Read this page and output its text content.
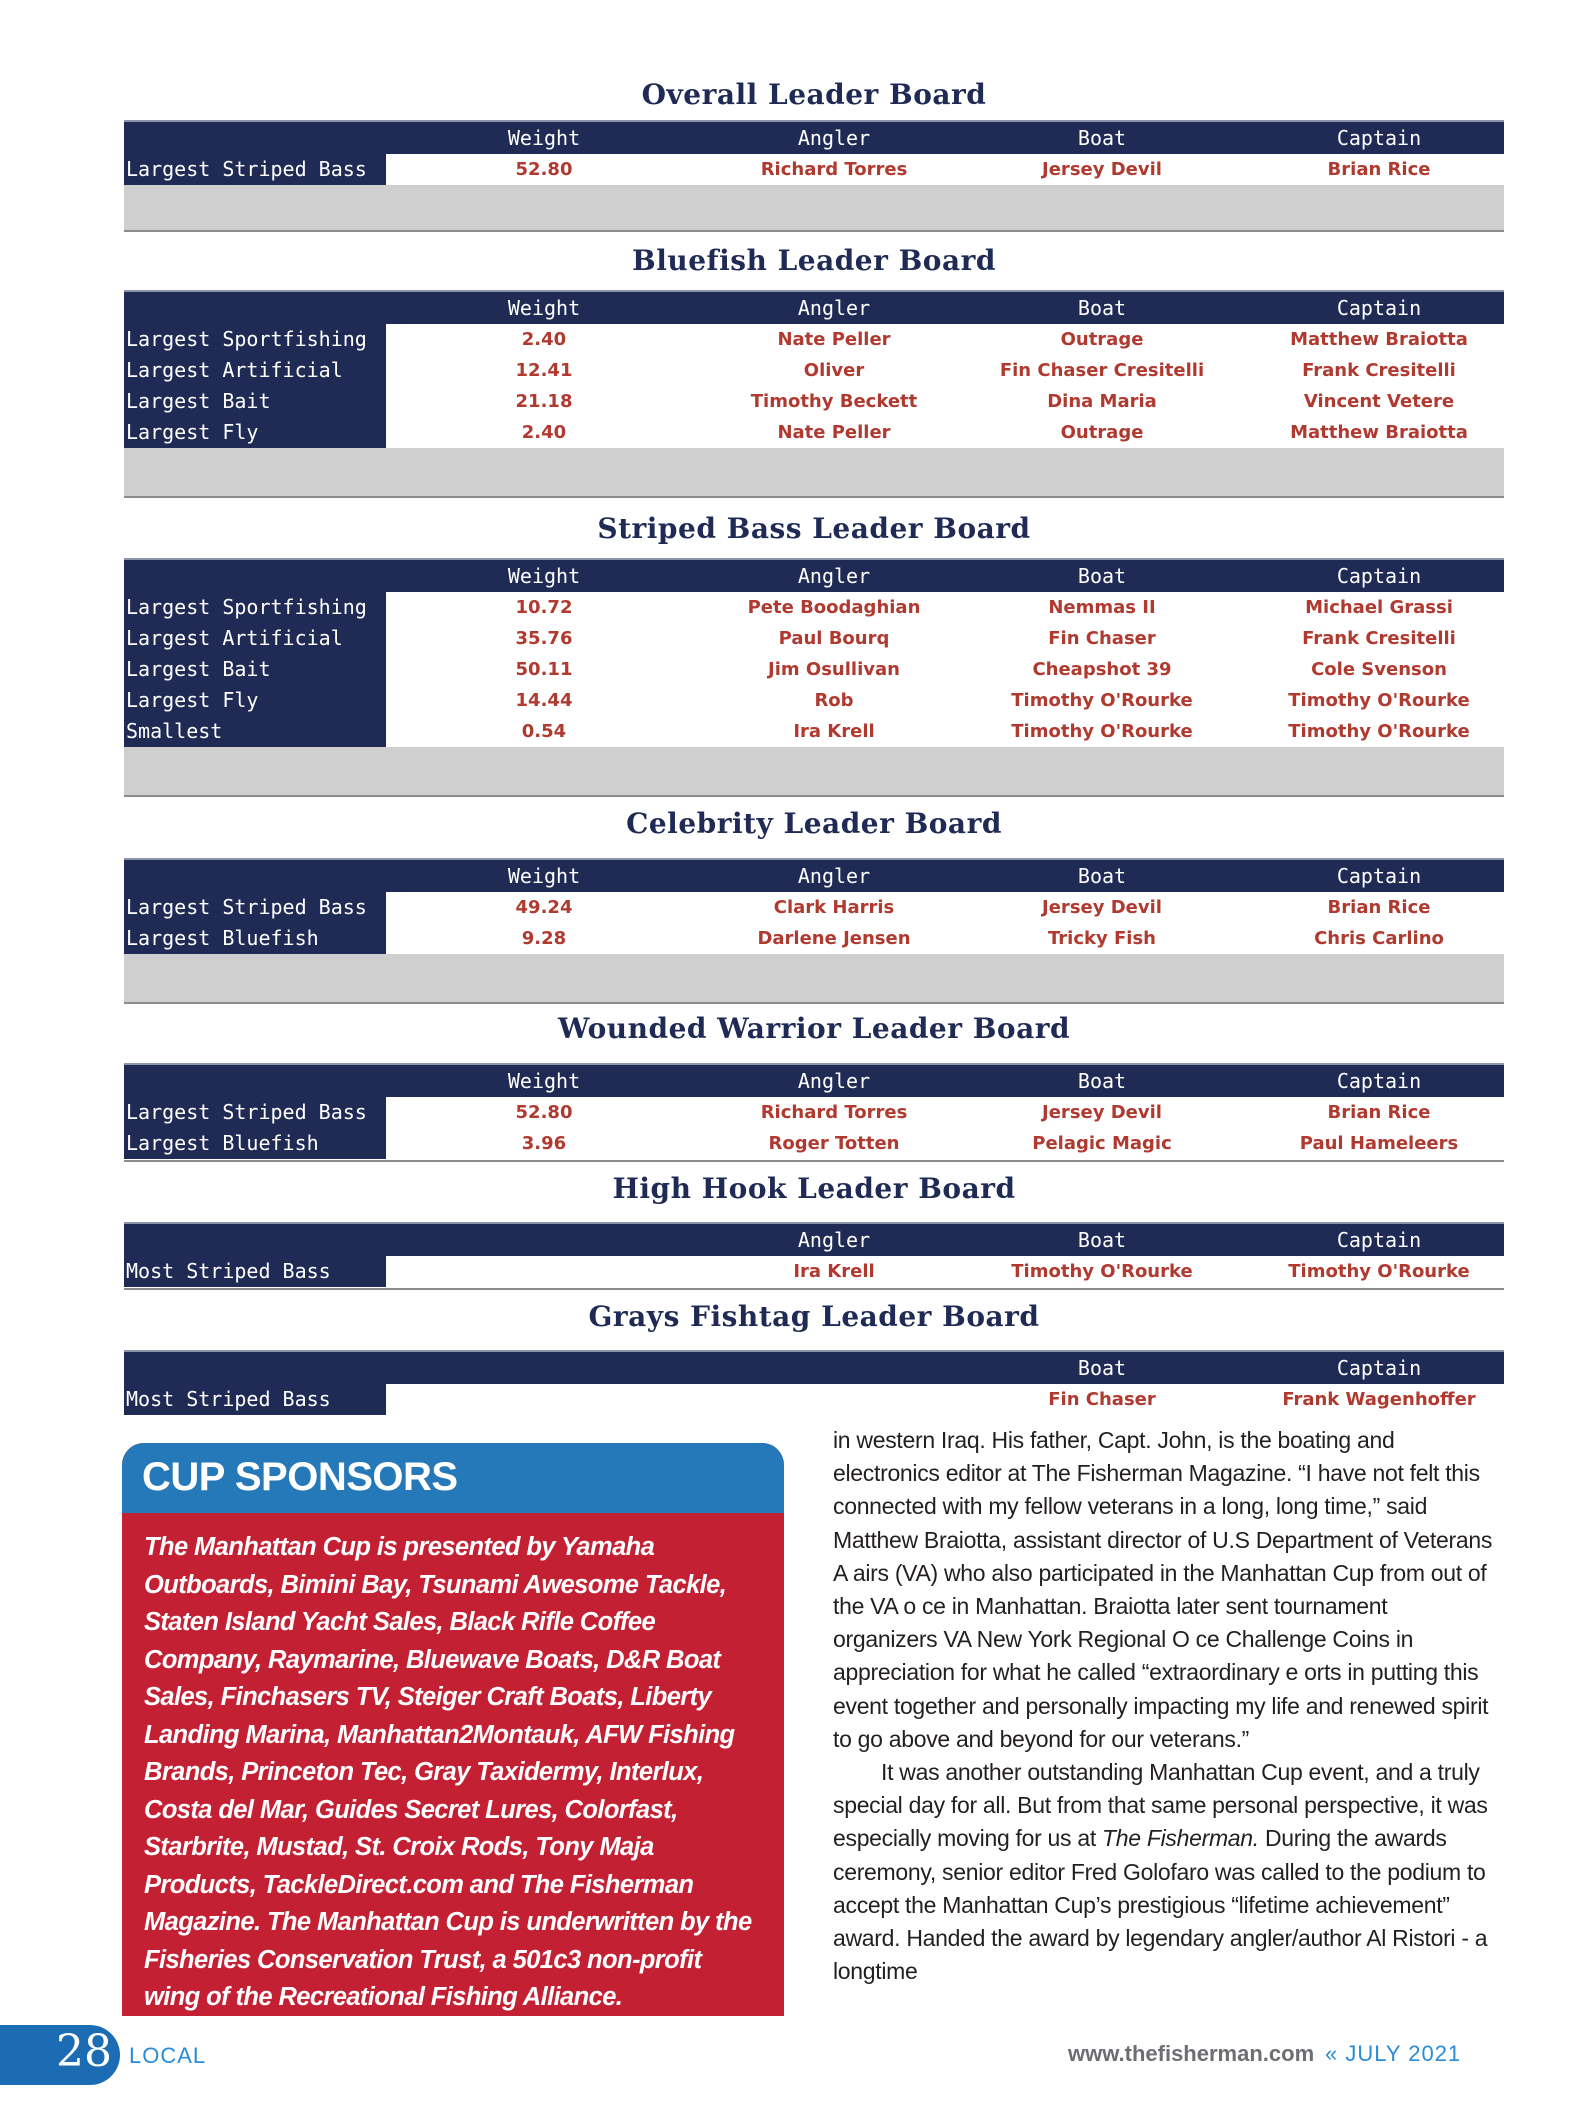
Overall Leader Board
Weight	Angler	Boat	Captain
Largest Striped Bass	52.80	Richard Torres	Jersey Devil	Brian Rice
Bluefish Leader Board
Weight	Angler	Boat	Captain
Largest Sportfishing	2.40	Nate Peller	Outrage	Matthew Braiotta
Largest Artificial	12.41	Oliver	Fin Chaser Cresitelli	Frank Cresitelli
Largest Bait	21.18	Timothy Beckett	Dina Maria	Vincent Vetere
Largest Fly	2.40	Nate Peller	Outrage	Matthew Braiotta
Striped Bass Leader Board
Weight	Angler	Boat	Captain
Largest Sportfishing	10.72	Pete Boodaghian	Nemmas II	Michael Grassi
Largest Artificial	35.76	Paul Bourq	Fin Chaser	Frank Cresitelli
Largest Bait	50.11	Jim Osullivan	Cheapshot 39	Cole Svenson
Largest Fly	14.44	Rob	Timothy O'Rourke	Timothy O'Rourke
Smallest	0.54	Ira Krell	Timothy O'Rourke	Timothy O'Rourke
Celebrity Leader Board
Weight	Angler	Boat	Captain
Largest Striped Bass	49.24	Clark Harris	Jersey Devil	Brian Rice
Largest Bluefish	9.28	Darlene Jensen	Tricky Fish	Chris Carlino
Wounded Warrior Leader Board
Weight	Angler	Boat	Captain
Largest Striped Bass	52.80	Richard Torres	Jersey Devil	Brian Rice
Largest Bluefish	3.96	Roger Totten	Pelagic Magic	Paul Hameleers
High Hook Leader Board
Angler	Boat	Captain
Most Striped Bass	Ira Krell	Timothy O'Rourke	Timothy O'Rourke
Grays Fishtag Leader Board
Boat	Captain
Most Striped Bass	Fin Chaser	Frank Wagenhoffer
CUP SPONSORS
The Manhattan Cup is presented by Yamaha Outboards, Bimini Bay, Tsunami Awesome Tackle, Staten Island Yacht Sales, Black Rifle Coffee Company, Raymarine, Bluewave Boats, D&R Boat Sales, Finchasers TV, Steiger Craft Boats, Liberty Landing Marina, Manhattan2Montauk, AFW Fishing Brands, Princeton Tec, Gray Taxidermy, Interlux, Costa del Mar, Guides Secret Lures, Colorfast, Starbrite, Mustad, St. Croix Rods, Tony Maja Products, TackleDirect.com and The Fisherman Magazine. The Manhattan Cup is underwritten by the Fisheries Conservation Trust, a 501c3 non-profit wing of the Recreational Fishing Alliance.

in western Iraq. His father, Capt. John, is the boating and electronics editor at The Fisherman Magazine. “I have not felt this connected with my fellow veterans in a long, long time,” said Matthew Braiotta, assistant director of U.S Department of Veterans A airs (VA) who also participated in the Manhattan Cup from out of the VA o ce in Manhattan. Braiotta later sent tournament organizers VA New York Regional O ce Challenge Coins in appreciation for what he called “extraordinary e orts in putting this event together and personally impacting my life and renewed spirit to go above and beyond for our veterans.”

It was another outstanding Manhattan Cup event, and a truly special day for all. But from that same personal perspective, it was especially moving for us at The Fisherman. During the awards ceremony, senior editor Fred Golofaro was called to the podium to accept the Manhattan Cup’s prestigious “lifetime achievement” award. Handed the award by legendary angler/author Al Ristori - a longtime

28 LOCAL	www.thefisherman.com « JULY 2021
